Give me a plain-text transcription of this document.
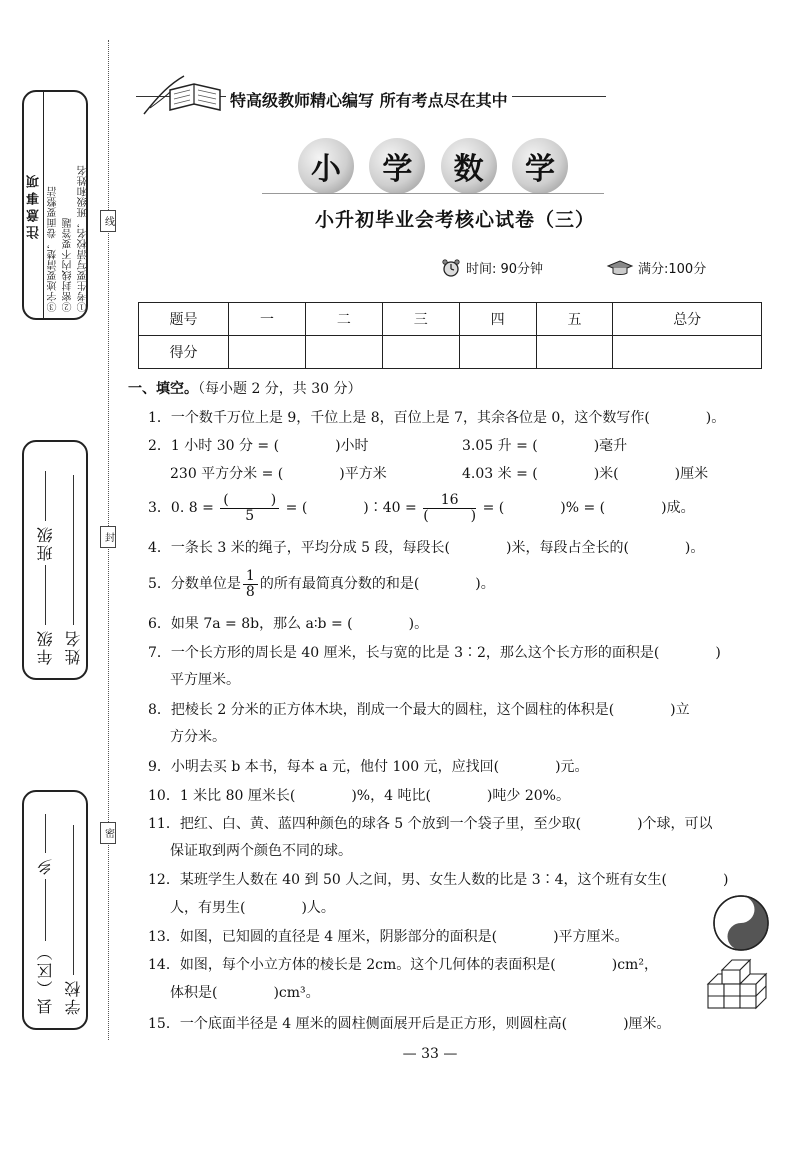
注意事项	①考生要写清校名，班级和姓名
②密封线内不要答题
③字迹要清楚，卷面要整洁
年级
班级
姓名
县（区）
乡
学校
线
封
密
特高级教师精心编写 所有考点尽在其中
小	学	数	学
小升初毕业会考核心试卷（三）
时间: 90分钟	满分:100分
题号	一	二	三	四	五	总分
得分						
一、填空。（每小题 2 分，共 30 分）
1．一个数千万位上是 9，千位上是 8，百位上是 7，其余各位是 0，这个数写作(　　　　)。
2．1 小时 30 分 = (　　　　)小时	3.05 升 = (　　　　)毫升
230 平方分米 = (　　　　)平方米	4.03 米 = (　　　　)米(　　　　)厘米
3．0. $8 = \frac{( )}{5}$ = (　　　　)∶40 = $\frac{16}{( )}$ = (　　　　)% = (　　　　)成。
4．一条长 3 米的绳子，平均分成 5 段，每段长(　　　　)米，每段占全长的(　　　　)。
5．分数单位是 $\frac{1}{8}$ 的所有最简真分数的和是(　　　　)。
6．如果 7a = 8b，那么 a∶b = (　　　　)。
7．一个长方形的周长是 40 厘米，长与宽的比是 3∶2，那么这个长方形的面积是(　　　　)
平方厘米。
8．把棱长 2 分米的正方体木块，削成一个最大的圆柱，这个圆柱的体积是(　　　　)立
方分米。
9．小明去买 b 本书，每本 a 元，他付 100 元，应找回(　　　　)元。
10．1 米比 80 厘米长(　　　　)%，4 吨比(　　　　)吨少 20%。
11．把红、白、黄、蓝四种颜色的球各 5 个放到一个袋子里，至少取(　　　　)个球，可以
保证取到两个颜色不同的球。
12．某班学生人数在 40 到 50 人之间，男、女生人数的比是 3∶4，这个班有女生(　　　　)
人，有男生(　　　　)人。
13．如图，已知圆的直径是 4 厘米，阴影部分的面积是(　　　　)平方厘米。
14．如图，每个小立方体的棱长是 2cm。这个几何体的表面积是(　　　　)cm²，
体积是(　　　　)cm³。
15．一个底面半径是 4 厘米的圆柱侧面展开后是正方形，则圆柱高(　　　　)厘米。
— 33 —
